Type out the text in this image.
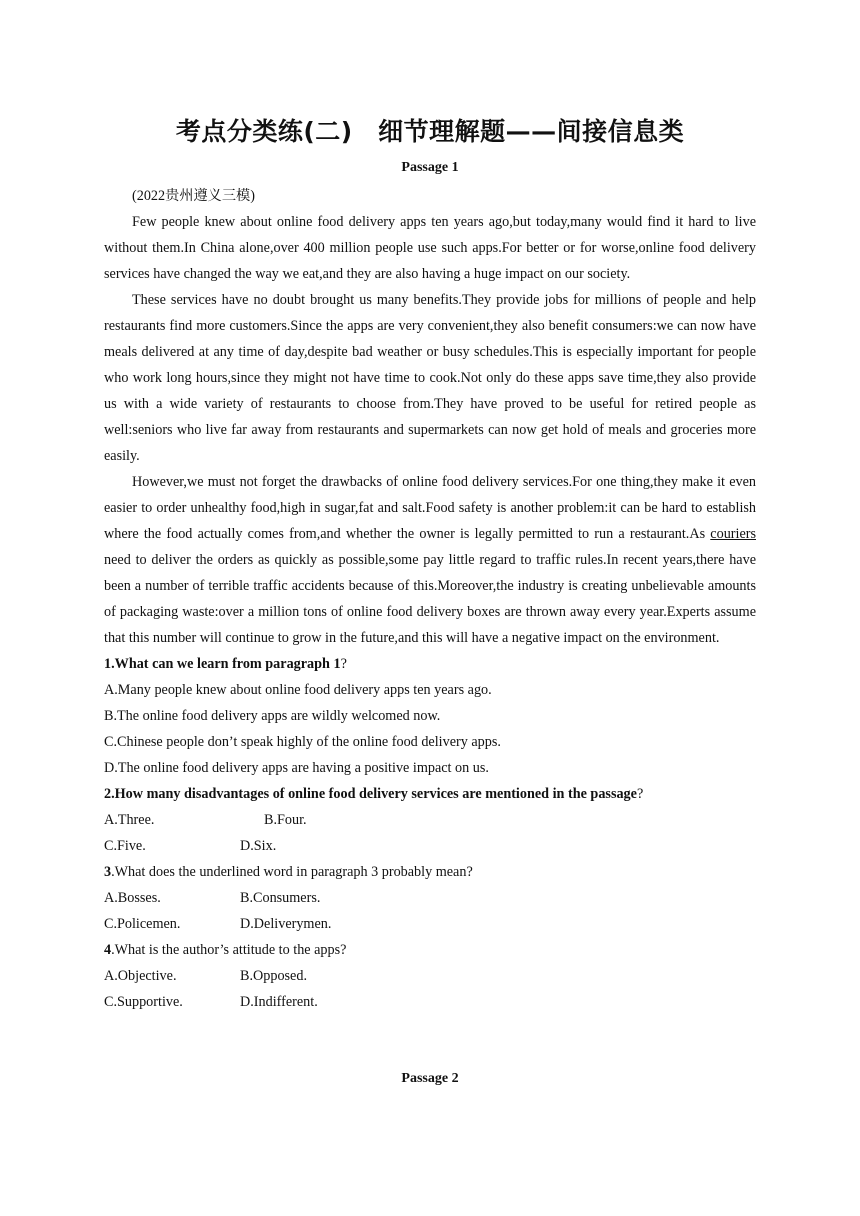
考点分类练(二)　细节理解题——间接信息类
Passage 1

(2022贵州遵义三模)

Few people knew about online food delivery apps ten years ago,but today,many would find it hard to live without them.In China alone,over 400 million people use such apps.For better or for worse,online food delivery services have changed the way we eat,and they are also having a huge impact on our society.

These services have no doubt brought us many benefits.They provide jobs for millions of people and help restaurants find more customers.Since the apps are very convenient,they also benefit consumers:we can now have meals delivered at any time of day,despite bad weather or busy schedules.This is especially important for people who work long hours,since they might not have time to cook.Not only do these apps save time,they also provide us with a wide variety of restaurants to choose from.They have proved to be useful for retired people as well:seniors who live far away from restaurants and supermarkets can now get hold of meals and groceries more easily.

However,we must not forget the drawbacks of online food delivery services.For one thing,they make it even easier to order unhealthy food,high in sugar,fat and salt.Food safety is another problem:it can be hard to establish where the food actually comes from,and whether the owner is legally permitted to run a restaurant.As couriers need to deliver the orders as quickly as possible,some pay little regard to traffic rules.In recent years,there have been a number of terrible traffic accidents because of this.Moreover,the industry is creating unbelievable amounts of packaging waste:over a million tons of online food delivery boxes are thrown away every year.Experts assume that this number will continue to grow in the future,and this will have a negative impact on the environment.

1.What can we learn from paragraph 1?

A.Many people knew about online food delivery apps ten years ago.

B.The online food delivery apps are wildly welcomed now.

C.Chinese people don’t speak highly of the online food delivery apps.

D.The online food delivery apps are having a positive impact on us.

2.How many disadvantages of online food delivery services are mentioned in the passage?

A.Three.	B.Four.
C.Five.	D.Six.

3.What does the underlined word in paragraph 3 probably mean?

A.Bosses.	B.Consumers.
C.Policemen.	D.Deliverymen.

4.What is the author’s attitude to the apps?

A.Objective.	B.Opposed.
C.Supportive.	D.Indifferent.
Passage 2
